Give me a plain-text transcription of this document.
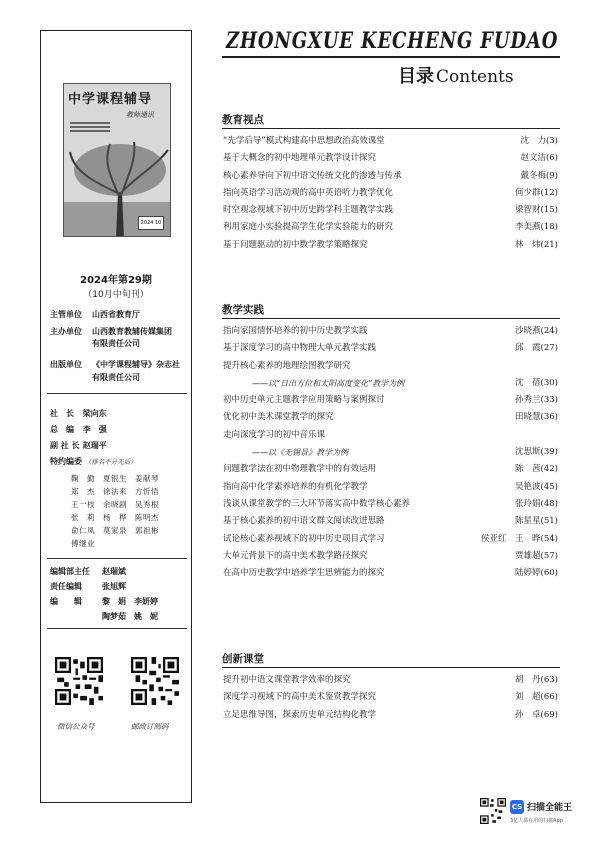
中学课程辅导
教师通讯
2024·10
2024年第29期
（10月中旬刊）
主管单位 山西省教育厅
主办单位 山西教育教辅传媒集团
有限责任公司
出版单位 《中学课程辅导》杂志社
有限责任公司
社　长 梁向东
总　编 李　强
副 社 长 赵瑞平
特约编委 （排名不分先后）
鞠　勤　夏银生　姜献琴
郑　杰　徐法来　方忻悟
王一枝　余晓剧　吴秀根
张　莉　杨　桦　陈明杰
俞仁凤　莫家泉　郭祖彬
傅继业
编辑部主任 赵瑞斌
责任编辑	张旭辉
编　　辑	黎　娟　李妍婷
陶梦茹　姚　妮
微信公众号	邮政订阅码
ZHONGXUE KECHENG FUDAO
目录 Contents
教育视点
“先学后导”模式构建高中思想政治高效课堂	沈　力(3)
基于大概念的初中地理单元教学设计探究	赵文洁(6)
核心素养导向下初中语文传统文化的渗透与传承	戴冬梅(9)
指向英语学习活动观的高中英语听力教学优化	何少群(12)
时空观念视域下初中历史跨学科主题教学实践	梁智财(15)
利用家庭小实验提高学生化学实验能力的研究	李美燕(18)
基于问题驱动的初中数学教学策略探究	林　炜(21)
教学实践
指向家国情怀培养的初中历史教学实践	沙晓燕(24)
基于深度学习的高中物理大单元教学实践	邱　霞(27)
提升核心素养的地理绘图教学研究
——以“日出方位和太阳高度变化”教学为例	沈　蓓(30)
初中历史单元主题教学应用策略与案例探讨	孙秀兰(33)
优化初中美术课堂教学的探究	田晓慧(36)
走向深度学习的初中音乐课
——以《无锡景》教学为例	沈思斯(39)
问题教学法在初中物理教学中的有效运用	陈　茜(42)
指向高中化学素养培养的有机化学教学	吴艳波(45)
浅谈从课堂教学的三大环节落实高中数学核心素养	张玲娟(48)
基于核心素养的初中语文群文阅读改进思路	陈星星(51)
试论核心素养视域下的初中历史项目式学习	侯亚红　王　晔(54)
大单元背景下的高中美术教学路径探究	贾雄超(57)
在高中历史教学中培养学生思辨能力的探究	陆婷婷(60)
创新课堂
提升初中语文课堂教学效率的探究	胡　丹(63)
深度学习视域下的高中美术鉴赏教学探究	刘　超(66)
立足思维导图，探索历史单元结构化教学	孙　卓(69)
CS 扫描全能王
3亿人都在用的扫描App
